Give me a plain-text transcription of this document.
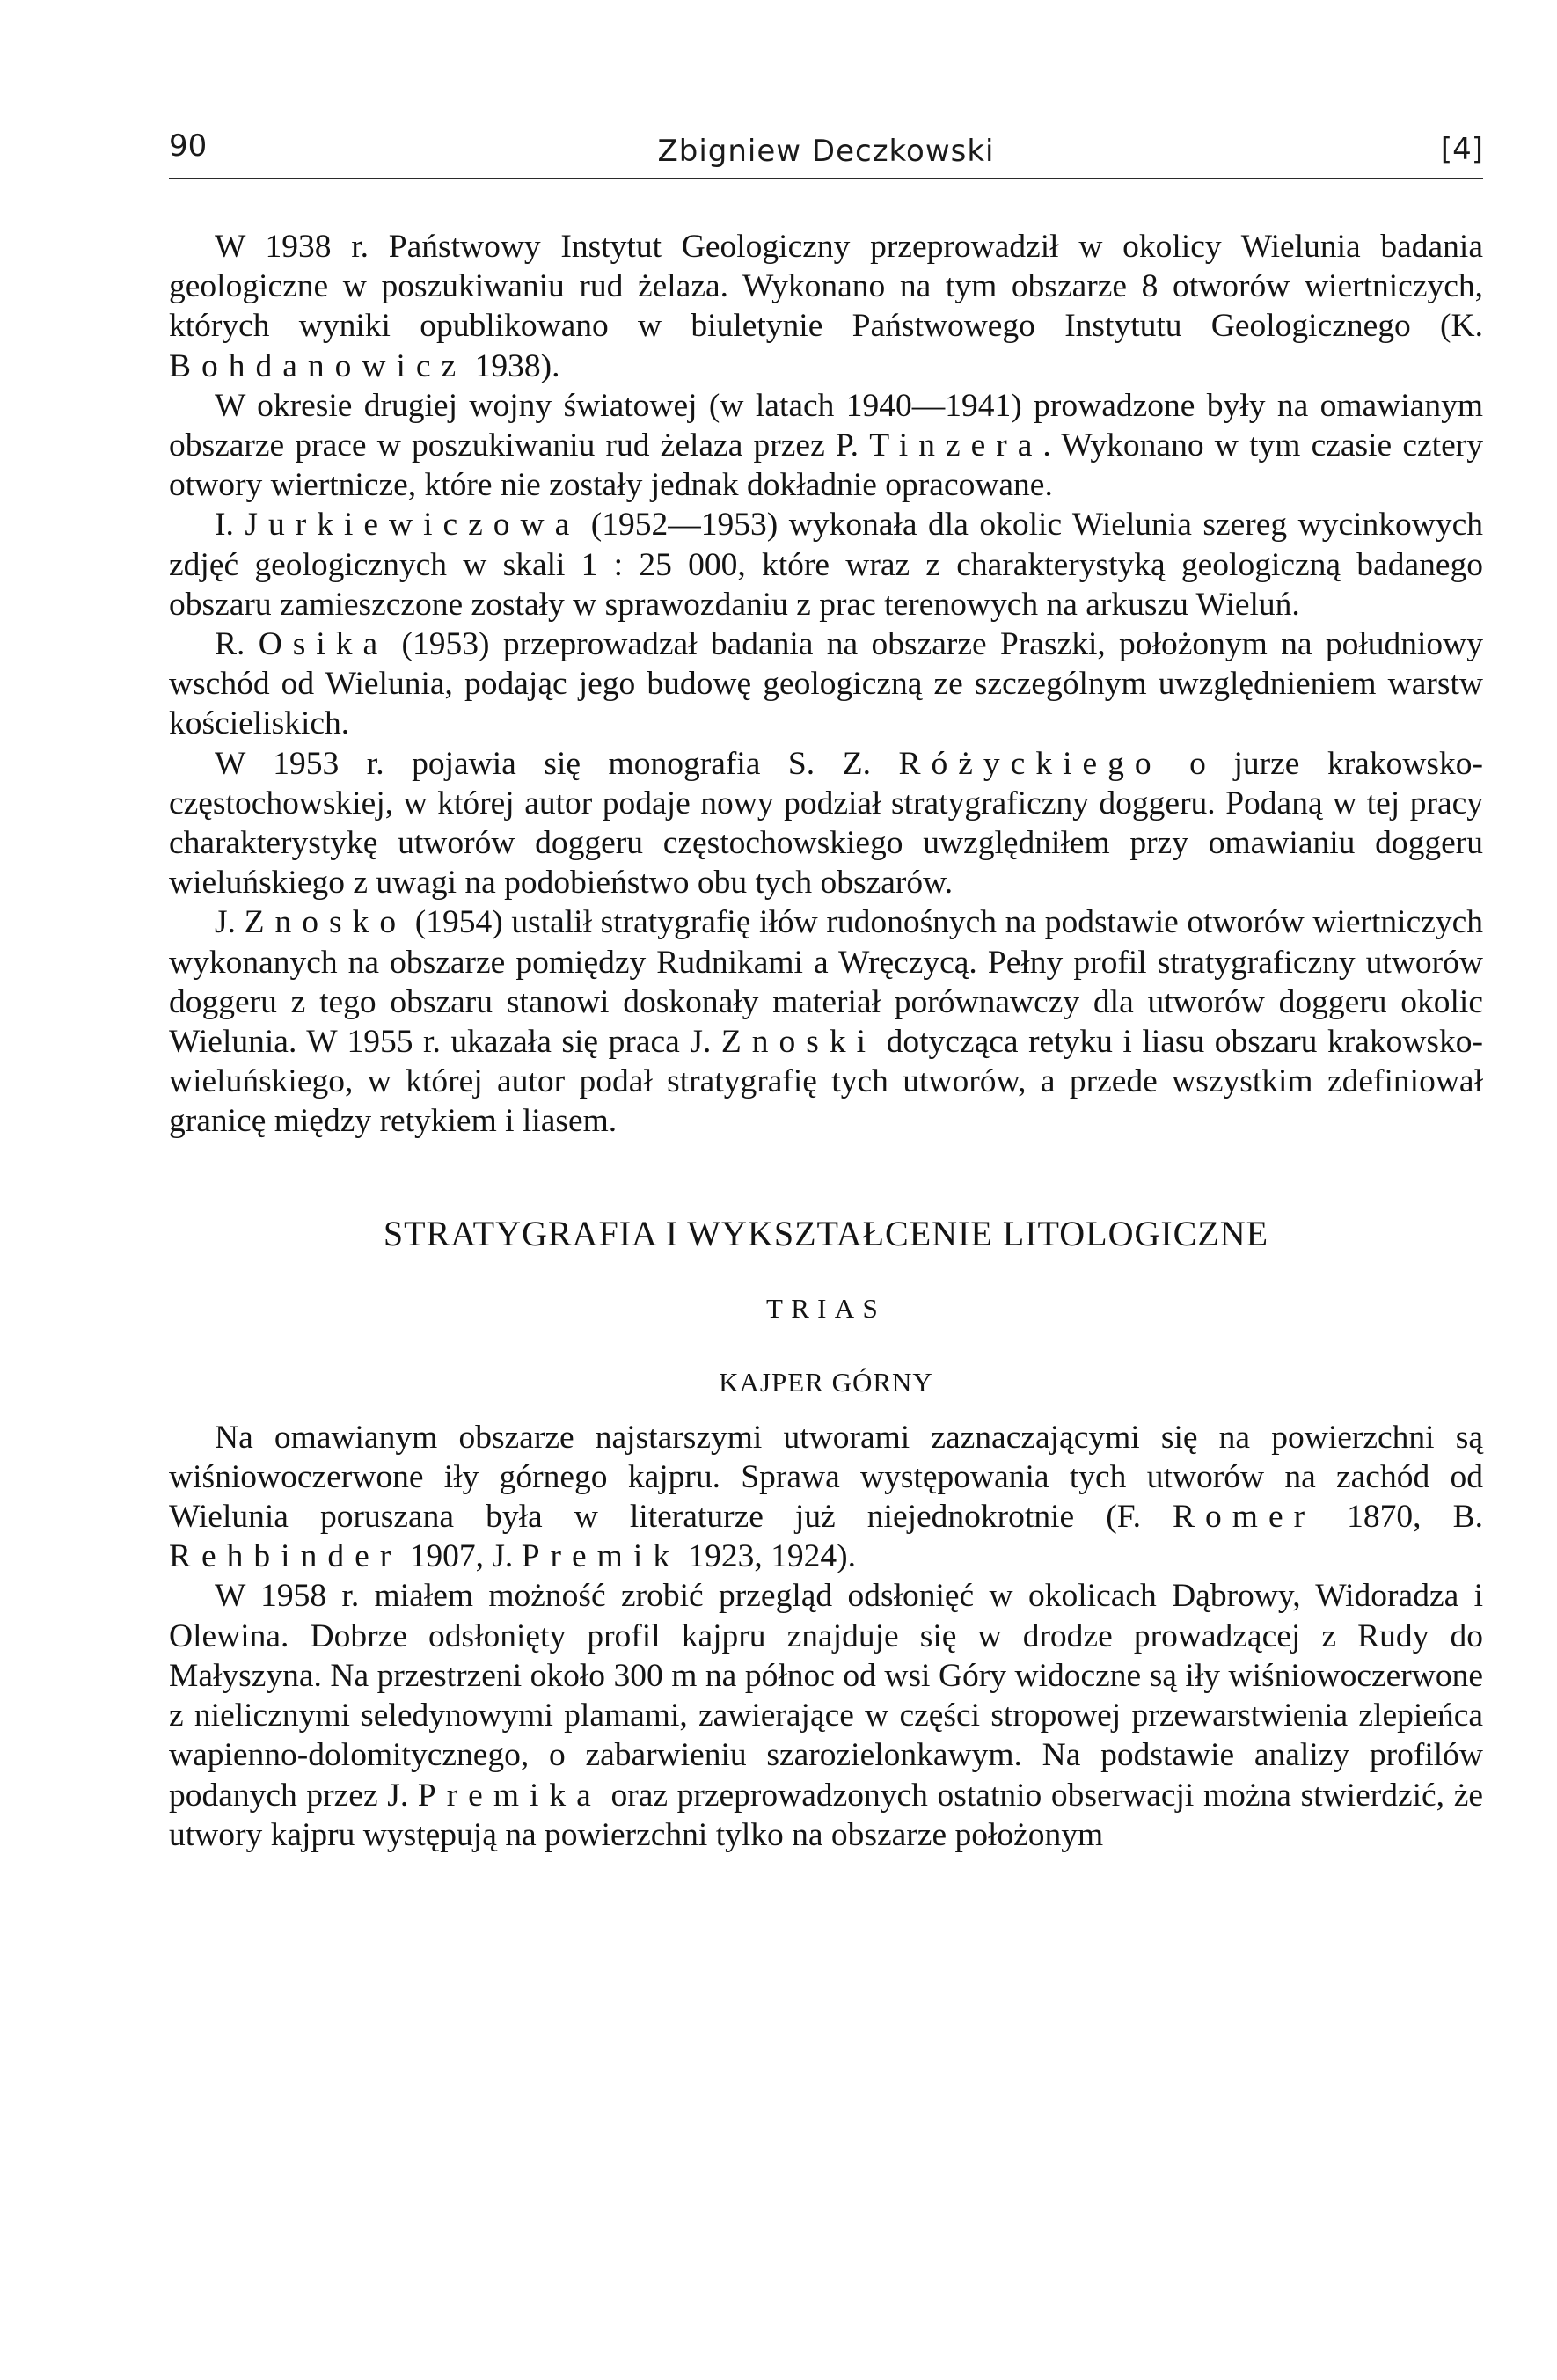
90	Zbigniew Deczkowski	[4]

W 1938 r. Państwowy Instytut Geologiczny przeprowadził w okolicy Wielunia badania geologiczne w poszukiwaniu rud żelaza. Wykonano na tym obszarze 8 otworów wiertniczych, których wyniki opublikowano w biuletynie Państwowego Instytutu Geologicznego (K. Bohdanowicz 1938).

W okresie drugiej wojny światowej (w latach 1940—1941) prowadzone były na omawianym obszarze prace w poszukiwaniu rud żelaza przez P. Tinzera. Wykonano w tym czasie cztery otwory wiertnicze, które nie zostały jednak dokładnie opracowane.

I. Jurkiewiczowa (1952—1953) wykonała dla okolic Wielunia szereg wycinkowych zdjęć geologicznych w skali 1 : 25 000, które wraz z charakterystyką geologiczną badanego obszaru zamieszczone zostały w sprawozdaniu z prac terenowych na arkuszu Wieluń.

R. Osika (1953) przeprowadzał badania na obszarze Praszki, położonym na południowy wschód od Wielunia, podając jego budowę geologiczną ze szczególnym uwzględnieniem warstw kościeliskich.

W 1953 r. pojawia się monografia S. Z. Różyckiego o jurze krakowsko-częstochowskiej, w której autor podaje nowy podział stratygraficzny doggeru. Podaną w tej pracy charakterystykę utworów doggeru częstochowskiego uwzględniłem przy omawianiu doggeru wieluńskiego z uwagi na podobieństwo obu tych obszarów.

J. Znosko (1954) ustalił stratygrafię iłów rudonośnych na podstawie otworów wiertniczych wykonanych na obszarze pomiędzy Rudnikami a Wręczycą. Pełny profil stratygraficzny utworów doggeru z tego obszaru stanowi doskonały materiał porównawczy dla utworów doggeru okolic Wielunia. W 1955 r. ukazała się praca J. Znoski dotycząca retyku i liasu obszaru krakowsko-wieluńskiego, w której autor podał stratygrafię tych utworów, a przede wszystkim zdefiniował granicę między retykiem i liasem.

STRATYGRAFIA I WYKSZTAŁCENIE LITOLOGICZNE
TRIAS
KAJPER GÓRNY

Na omawianym obszarze najstarszymi utworami zaznaczającymi się na powierzchni są wiśniowoczerwone iły górnego kajpru. Sprawa występowania tych utworów na zachód od Wielunia poruszana była w literaturze już niejednokrotnie (F. Romer 1870, B. Rehbinder 1907, J. Premik 1923, 1924).

W 1958 r. miałem możność zrobić przegląd odsłonięć w okolicach Dąbrowy, Widoradza i Olewina. Dobrze odsłonięty profil kajpru znajduje się w drodze prowadzącej z Rudy do Małyszyna. Na przestrzeni około 300 m na północ od wsi Góry widoczne są iły wiśniowoczerwone z nielicznymi seledynowymi plamami, zawierające w części stropowej przewarstwienia zlepieńca wapienno-dolomitycznego, o zabarwieniu szarozielonkawym. Na podstawie analizy profilów podanych przez J. Premika oraz przeprowadzonych ostatnio obserwacji można stwierdzić, że utwory kajpru występują na powierzchni tylko na obszarze położonym
